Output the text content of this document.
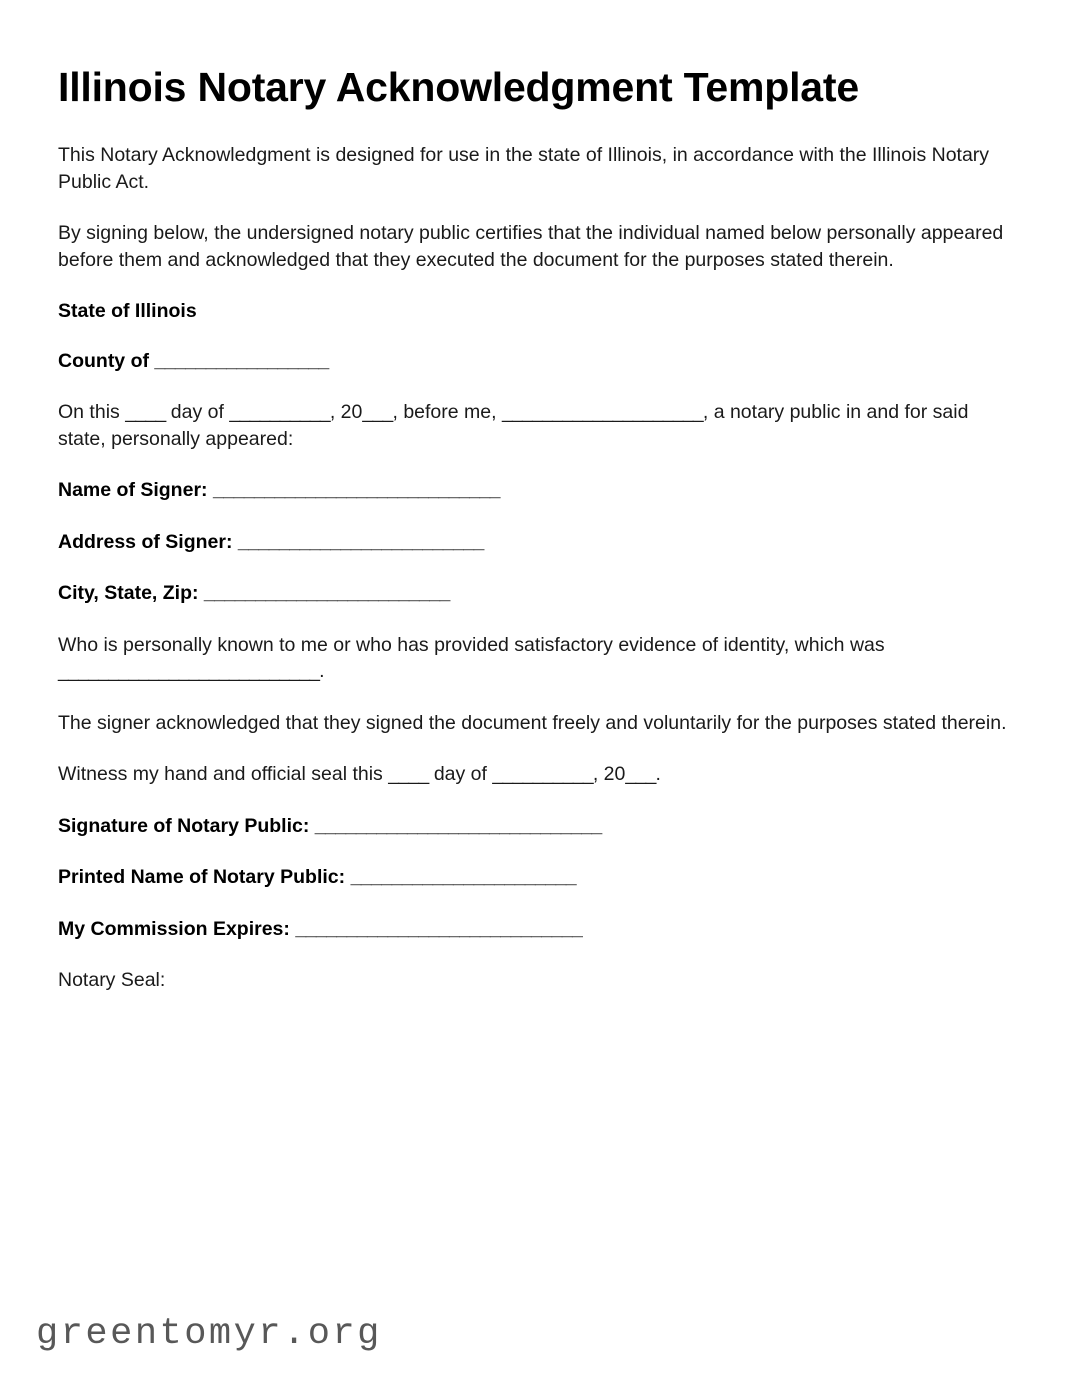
Illinois Notary Acknowledgment Template

This Notary Acknowledgment is designed for use in the state of Illinois, in accordance with the Illinois Notary Public Act.

By signing below, the undersigned notary public certifies that the individual named below personally appeared before them and acknowledged that they executed the document for the purposes stated therein.

State of Illinois

County of _________________

On this ____ day of __________, 20___, before me, ____________________, a notary public in and for said state, personally appeared:

Name of Signer: ____________________________

Address of Signer: ________________________

City, State, Zip: ________________________

Who is personally known to me or who has provided satisfactory evidence of identity, which was __________________________.

The signer acknowledged that they signed the document freely and voluntarily for the purposes stated therein.

Witness my hand and official seal this ____ day of __________, 20___.

Signature of Notary Public: ____________________________

Printed Name of Notary Public: ______________________

My Commission Expires: ____________________________

Notary Seal:

greentomyr.org
